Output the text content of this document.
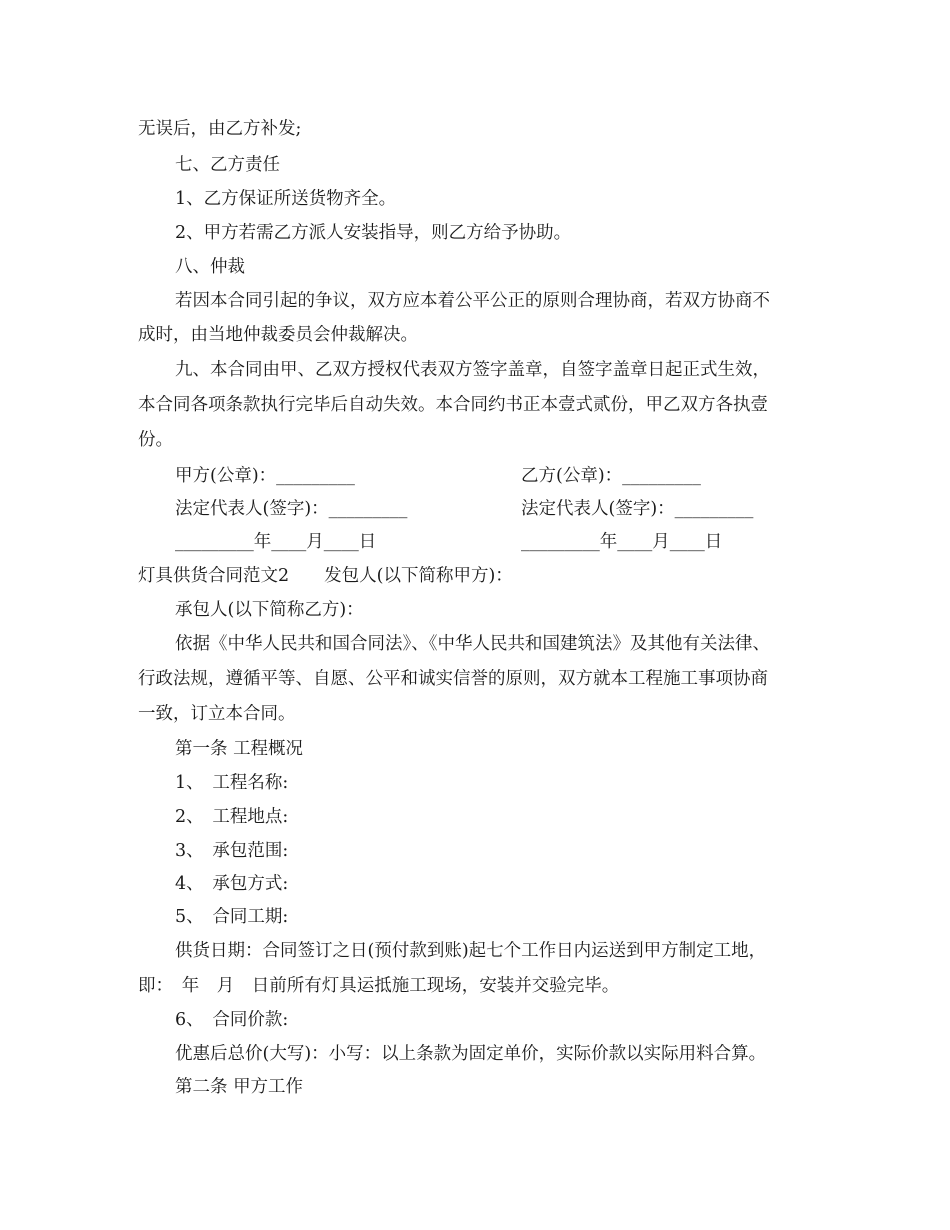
无误后，由乙方补发;
七、乙方责任
1、乙方保证所送货物齐全。
2、甲方若需乙方派人安装指导，则乙方给予协助。
八、仲裁
若因本合同引起的争议，双方应本着公平公正的原则合理协商，若双方协商不
成时，由当地仲裁委员会仲裁解决。
九、本合同由甲、乙双方授权代表双方签字盖章，自签字盖章日起正式生效，
本合同各项条款执行完毕后自动失效。本合同约书正本壹式贰份，甲乙双方各执壹
份。
甲方(公章)：_________	乙方(公章)：_________
法定代表人(签字)：_________	法定代表人(签字)：_________
_________年____月____日	_________年____月____日
灯具供货合同范文2　　发包人(以下简称甲方)：
承包人(以下简称乙方)：
依据《中华人民共和国合同法》、《中华人民共和国建筑法》及其他有关法律、
行政法规，遵循平等、自愿、公平和诚实信誉的原则，双方就本工程施工事项协商
一致，订立本合同。
第一条 工程概况
1、　工程名称:
2、　工程地点:
3、　承包范围:
4、　承包方式:
5、　合同工期:
供货日期：合同签订之日(预付款到账)起七个工作日内运送到甲方制定工地，
即：　年　月　日前所有灯具运抵施工现场，安装并交验完毕。
6、　合同价款:
优惠后总价(大写)：小写：以上条款为固定单价，实际价款以实际用料合算。
第二条 甲方工作
